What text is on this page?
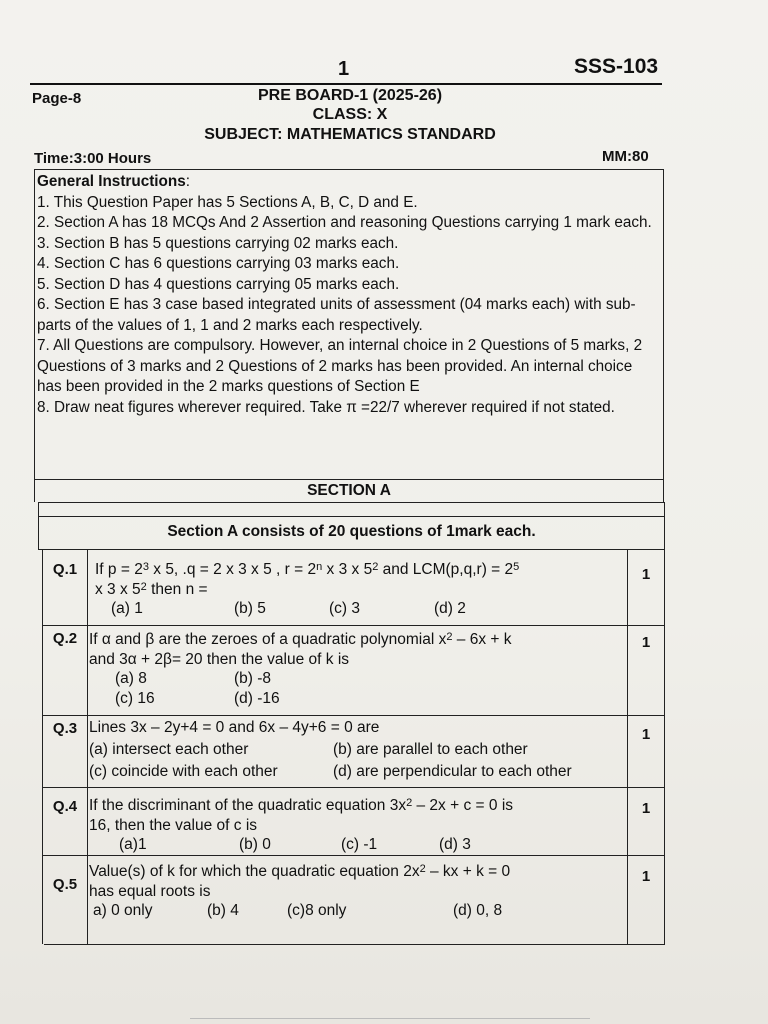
1	SSS-103
Page-8	PRE BOARD-1 (2025-26)
CLASS: X
SUBJECT: MATHEMATICS STANDARD
Time:3:00 Hours	MM:80

General Instructions:

1. This Question Paper has 5 Sections A, B, C, D and E.

2. Section A has 18 MCQs And 2 Assertion and reasoning Questions carrying 1 mark each.

3. Section B has 5 questions carrying 02 marks each.

4. Section C has 6 questions carrying 03 marks each.

5. Section D has 4 questions carrying 05 marks each.

6. Section E has 3 case based integrated units of assessment (04 marks each) with sub- parts of the values of 1, 1 and 2 marks each respectively.

7. All Questions are compulsory. However, an internal choice in 2 Questions of 5 marks, 2 Questions of 3 marks and 2 Questions of 2 marks has been provided. An internal choice has been provided in the 2 marks questions of Section E

8. Draw neat figures wherever required. Take π =22/7 wherever required if not stated.

SECTION A
Section A consists of 20 questions of 1mark each.
Q.1	If $p = 2^3$ x 5, .q = 2 x 3 x 5 , $r = 2^n$ x 3 x $5^2$ and $LCM(p,q,r) = 2^5$
x 3 x $5^2$ then n =
(a) 1	(b) 5	(c) 3	(d) 2
1
Q.2 If α and β are the zeroes of a quadratic polynomial $x^2 - 6x + k$
and 3α + 2β= 20 then the value of k is
(a) 8	(b) -8
(c) 16	(d) -16
1
Q.3 Lines 3x – 2y+4 = 0 and 6x – 4y+6 = 0 are
(a) intersect each other	(b) are parallel to each other
(c) coincide with each other	(d) are perpendicular to each other
1
Q.4 If the discriminant of the quadratic equation $3x^2 - 2x + c = 0$ is
16, then the value of c is
(a)1	(b) 0	(c) -1	(d) 3
1
Q.5
Value(s) of k for which the quadratic equation $2x^2$ – kx + k = 0
has equal roots is
a) 0 only	(b) 4	(c)8 only	(d) 0, 8
1
